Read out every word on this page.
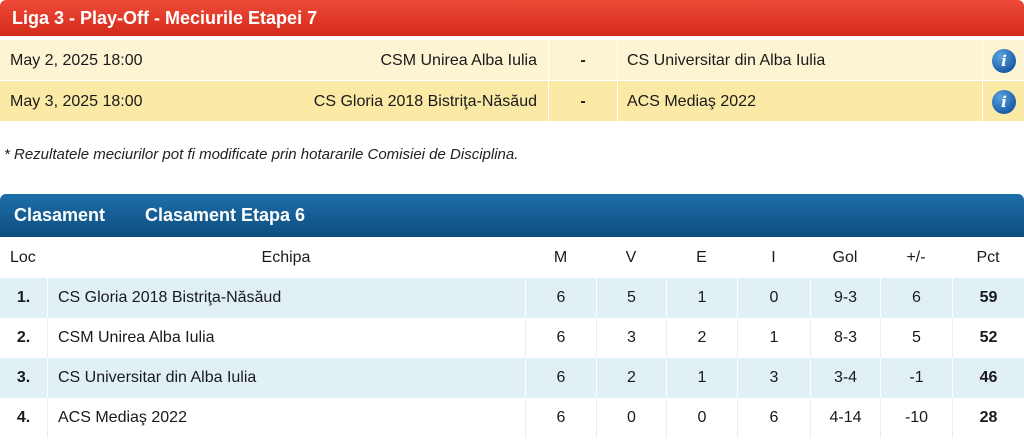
Liga 3 - Play-Off - Meciurile Etapei 7
May 2, 2025 18:00	CSM Unirea Alba Iulia	-	CS Universitar din Alba Iulia	i
May 3, 2025 18:00	CS Gloria 2018 Bistriţa-Năsăud	-	ACS Mediaş 2022	i
* Rezultatele meciurilor pot fi modificate prin hotararile Comisiei de Disciplina.
Clasament Clasament Etapa 6
Loc	Echipa	M	V	E	I	Gol	+/-	Pct
1.	CS Gloria 2018 Bistriţa-Năsăud	6	5	1	0	9-3	6	59
2.	CSM Unirea Alba Iulia	6	3	2	1	8-3	5	52
3.	CS Universitar din Alba Iulia	6	2	1	3	3-4	-1	46
4.	ACS Mediaş 2022	6	0	0	6	4-14	-10	28
